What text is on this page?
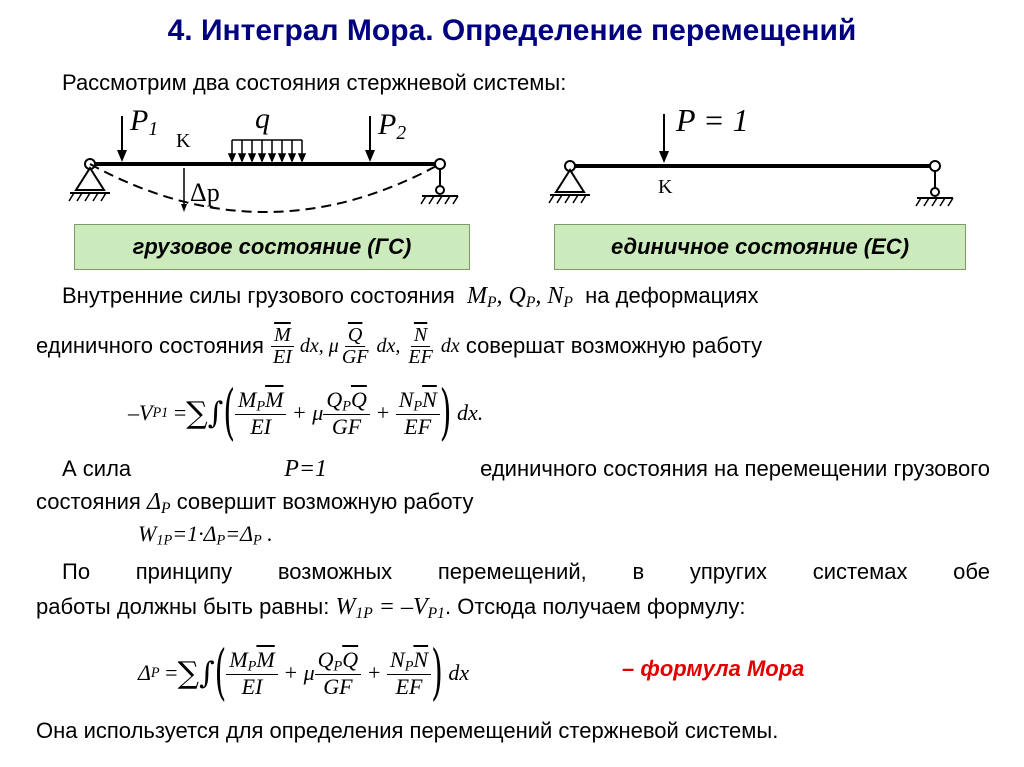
4. Интеграл Мора. Определение перемещений
Рассмотрим два состояния стержневой системы:
$P_1$
K
q	$P_2$
Δp
P = 1
K
грузовое состояние (ГС)	единичное состояние (ЕС)
Внутренние силы грузового состояния  $M_P$, $Q_P$, $N_P$ на деформациях
единичного состояния
$\frac{\overline{M}}{EI}$ dx, μ $\frac{\overline{Q}}{GF}$ dx, $\frac{\overline{N}}{EF}$ dx
совершат возможную работу
–V P1
= ∑∫ ( $\frac{M_P\overline{M}}{EI} + \mu \frac{Q_P\overline{Q}}{GF} + \frac{N_P\overline{N}}{EF}$ )
dx.
А сила	P=1	единичного состояния на перемещении грузового
состояния $\Delta_P$ совершит возможную работу
$W_{1P}=1\cdot\Delta_P=\Delta_P$ .
По принципу возможных перемещений, в упругих системах обе
работы должны быть равны: $W_{1P} = -V_{P1}$. Отсюда получаем формулу:
Δ P
= ∑∫ ( $\frac{M_P\overline{M}}{EI} + \mu \frac{Q_P\overline{Q}}{GF} + \frac{N_P\overline{N}}{EF}$ )
dx	– формула Мора
Она используется для определения перемещений стержневой системы.
